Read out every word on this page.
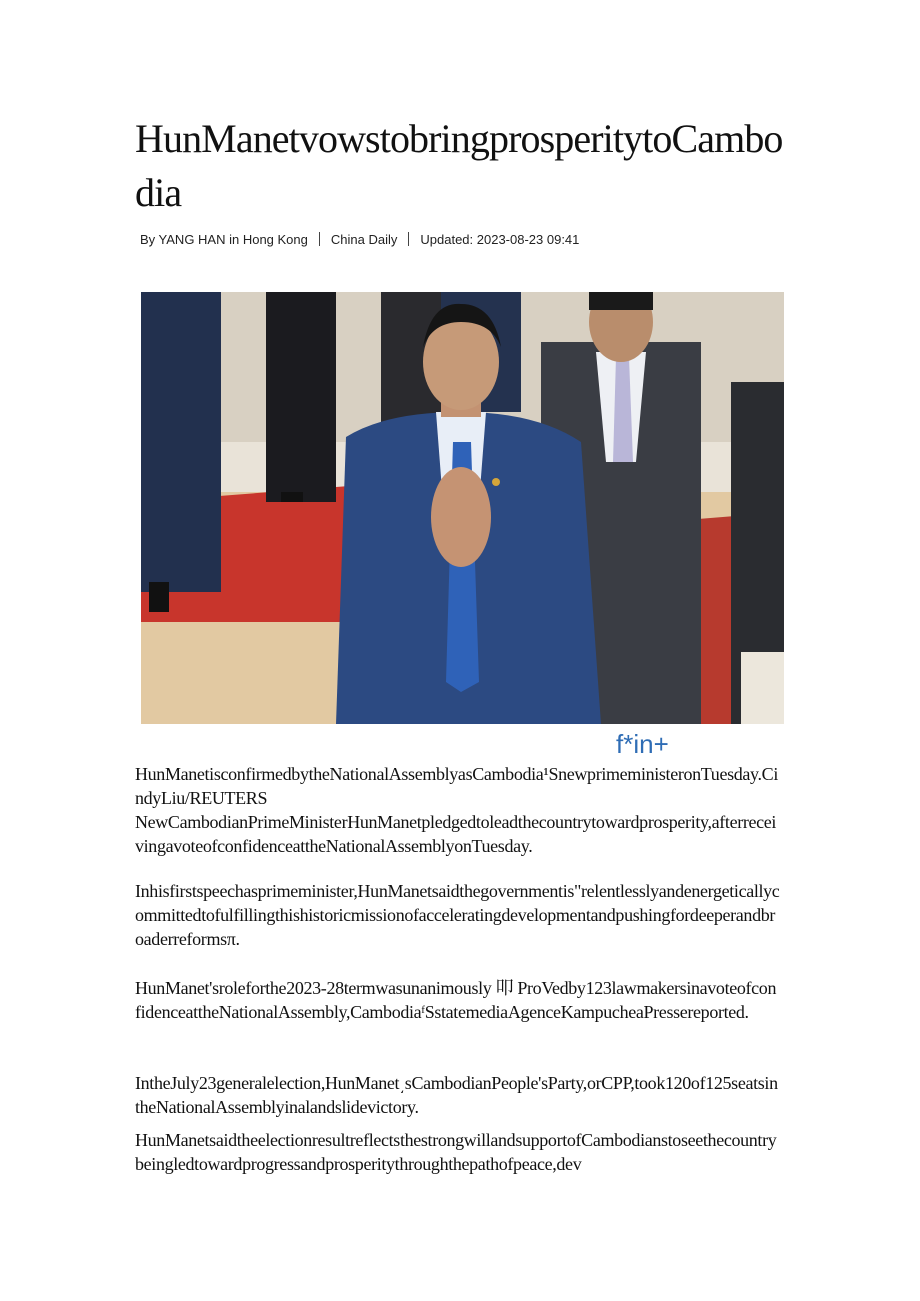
HunManetvowstobringprosperitytoCambodia
By YANG HAN in Hong Kong China Daily Updated: 2023-08-23 09:41
f*in+

HunManetisconfirmedbytheNationalAssemblyasCambodia¹SnewprimeministeronTuesday.CindyLiu/REUTERS

NewCambodianPrimeMinisterHunManetpledgedtoleadthecountrytowardprosperity,afterreceivingavoteofconfidenceattheNationalAssemblyonTuesday.

Inhisfirstspeechasprimeminister,HunManetsaidthegovernmentis"relentlesslyandenergeticallycommittedtofulfillingthishistoricmissionofacceleratingdevelopmentandpushingfordeeperandbroaderreformsπ.

HunManet'sroleforthe2023-28termwasunanimously 叩 ProVedby123lawmakersinavoteofconfidenceattheNationalAssembly,CambodiaᶠSstatemediaAgenceKampucheaPressereported.

IntheJuly23generalelection,HunManet͵sCambodianPeople'sParty,orCPP,took120of125seatsintheNationalAssemblyinalandslidevictory.

HunManetsaidtheelectionresultreflectsthestrongwillandsupportofCambodianstoseethecountrybeingledtowardprogressandprosperitythroughthepathofpeace,dev
